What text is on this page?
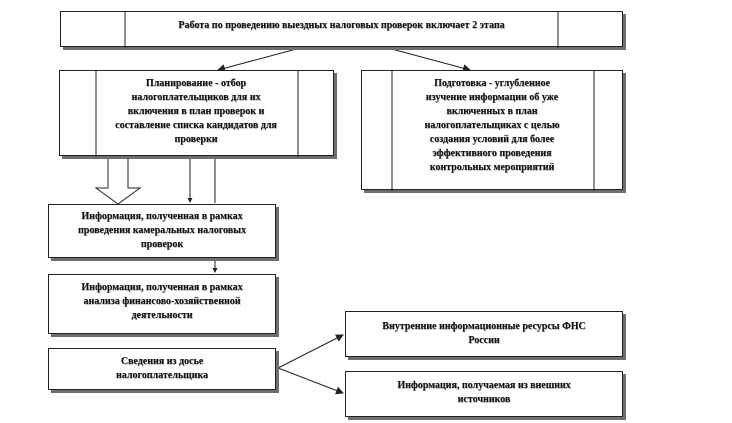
Работа по проведению выездных налоговых проверок включает 2 этапа
Планирование - отбор
налогоплательщиков для их
включения в план проверок и
составление списка кандидатов для
проверки
Подготовка - углубленное
изучение информации об уже
включенных в план
налогоплательщиках с целью
создания условий для более
эффективного проведения
контрольных мероприятий
Информация, полученная в рамках
проведения камеральных налоговых
проверок
Информация, полученная в рамках
анализа финансово-хозяйственной
деятельности
Сведения из досье
налогоплательщика
Внутренние информационные ресурсы ФНС
России
Информация, получаемая из внешних
источников
